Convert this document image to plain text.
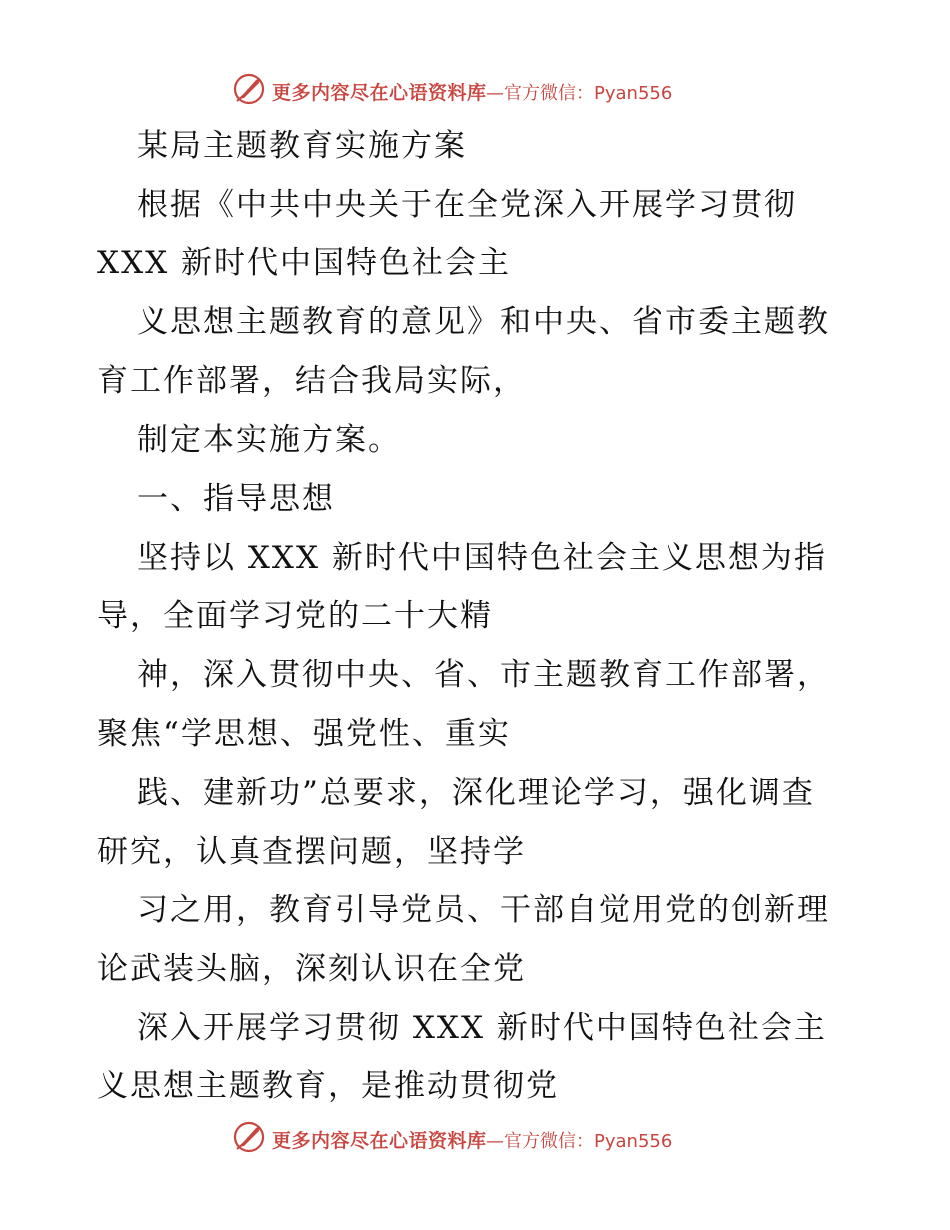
更多内容尽在心语资料库 —官方微信：Pyan556
某局主题教育实施方案
根据《中共中央关于在全党深入开展学习贯彻
XXX 新时代中国特色社会主
义思想主题教育的意见》和中央、省市委主题教
育工作部署，结合我局实际，
制定本实施方案。
一、指导思想
坚持以 XXX 新时代中国特色社会主义思想为指
导，全面学习党的二十大精
神，深入贯彻中央、省、市主题教育工作部署，
聚焦“学思想、强党性、重实
践、建新功”总要求，深化理论学习，强化调查
研究，认真查摆问题，坚持学
习之用，教育引导党员、干部自觉用党的创新理
论武装头脑，深刻认识在全党
深入开展学习贯彻 XXX 新时代中国特色社会主
义思想主题教育，是推动贯彻党
更多内容尽在心语资料库 —官方微信：Pyan556
